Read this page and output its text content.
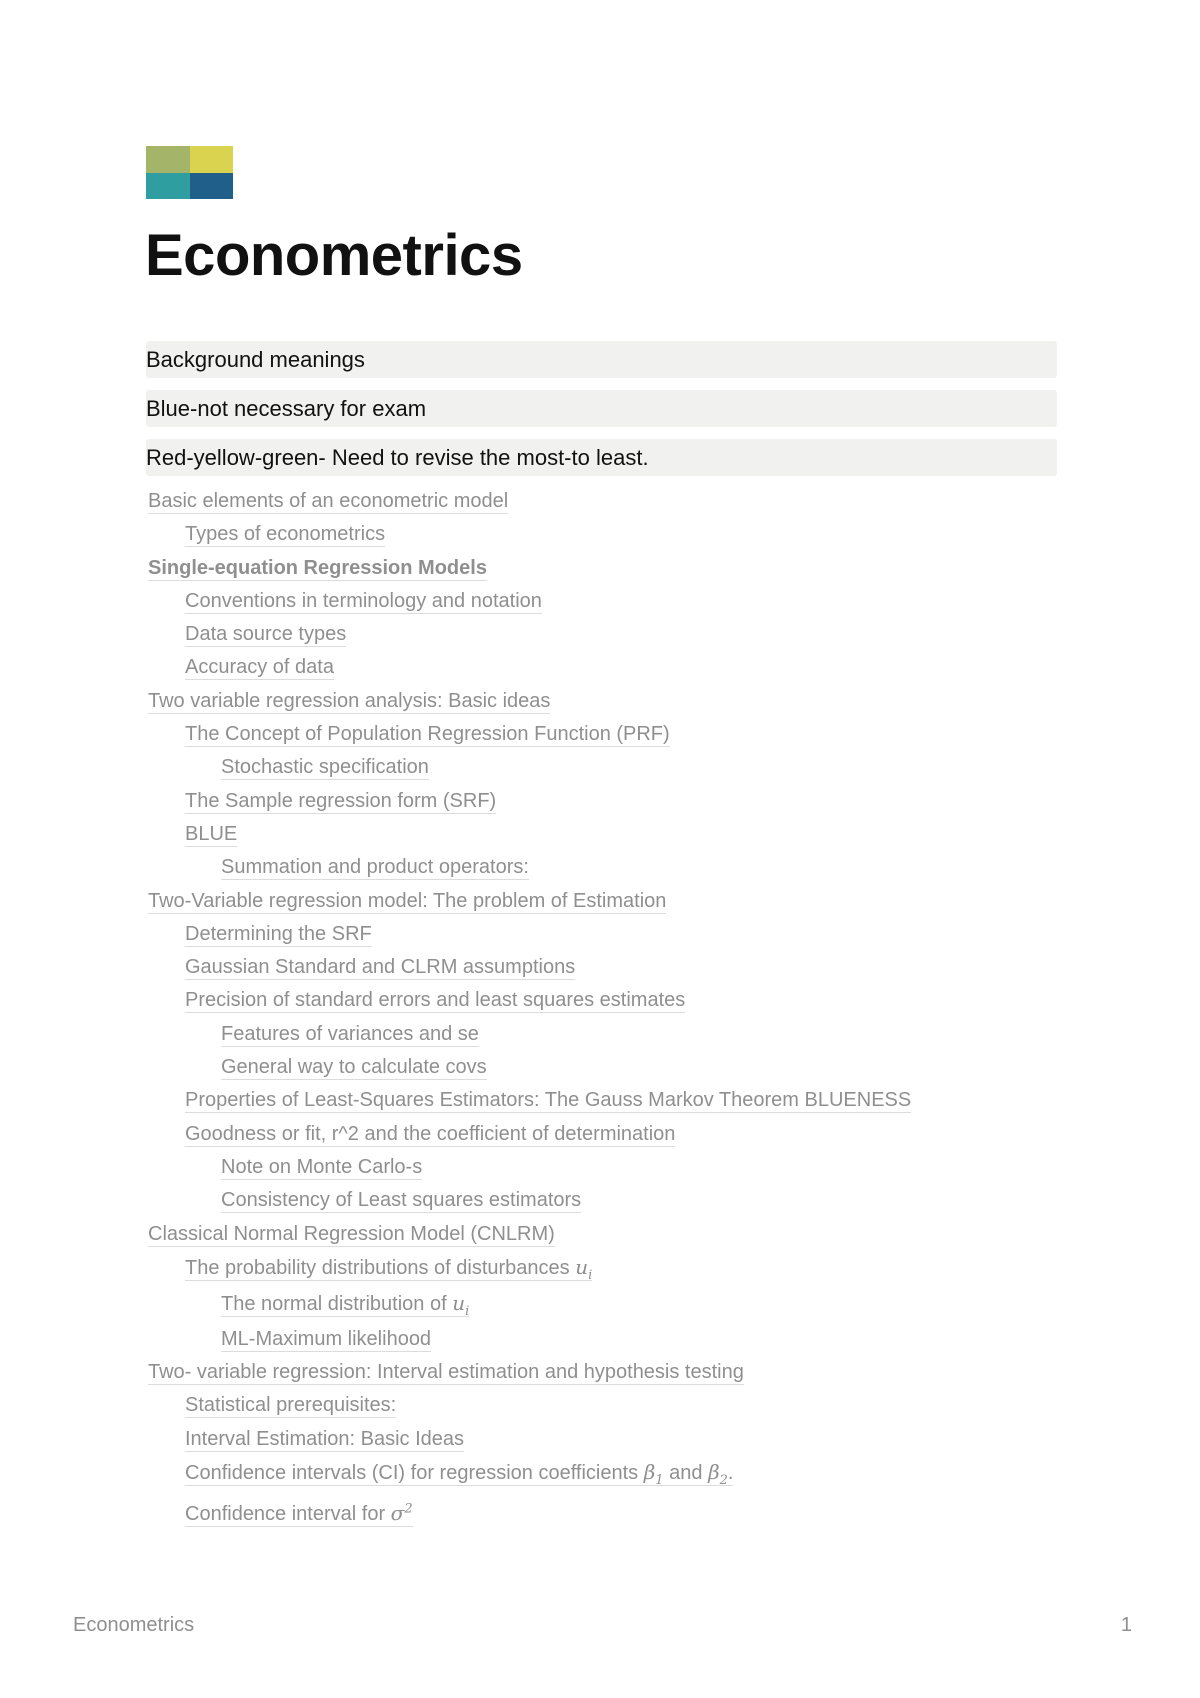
Econometrics
Background meanings
Blue-not necessary for exam
Red-yellow-green- Need to revise the most-to least.
Basic elements of an econometric model
Types of econometrics
Single-equation Regression Models
Conventions in terminology and notation
Data source types
Accuracy of data
Two variable regression analysis: Basic ideas
The Concept of Population Regression Function (PRF)
Stochastic specification
The Sample regression form (SRF)
BLUE
Summation and product operators:
Two-Variable regression model: The problem of Estimation
Determining the SRF
Gaussian Standard and CLRM assumptions
Precision of standard errors and least squares estimates
Features of variances and se
General way to calculate covs
Properties of Least-Squares Estimators: The Gauss Markov Theorem BLUENESS
Goodness or fit, r^2 and the coefficient of determination
Note on Monte Carlo-s
Consistency of Least squares estimators
Classical Normal Regression Model (CNLRM)
The probability distributions of disturbances $u_i$
The normal distribution of $u_i$
ML-Maximum likelihood
Two- variable regression: Interval estimation and hypothesis testing
Statistical prerequisites:
Interval Estimation: Basic Ideas
Confidence intervals (CI) for regression coefficients $\beta_1$ and $\beta_2$.
Confidence interval for $\sigma^2$
Econometrics	1
